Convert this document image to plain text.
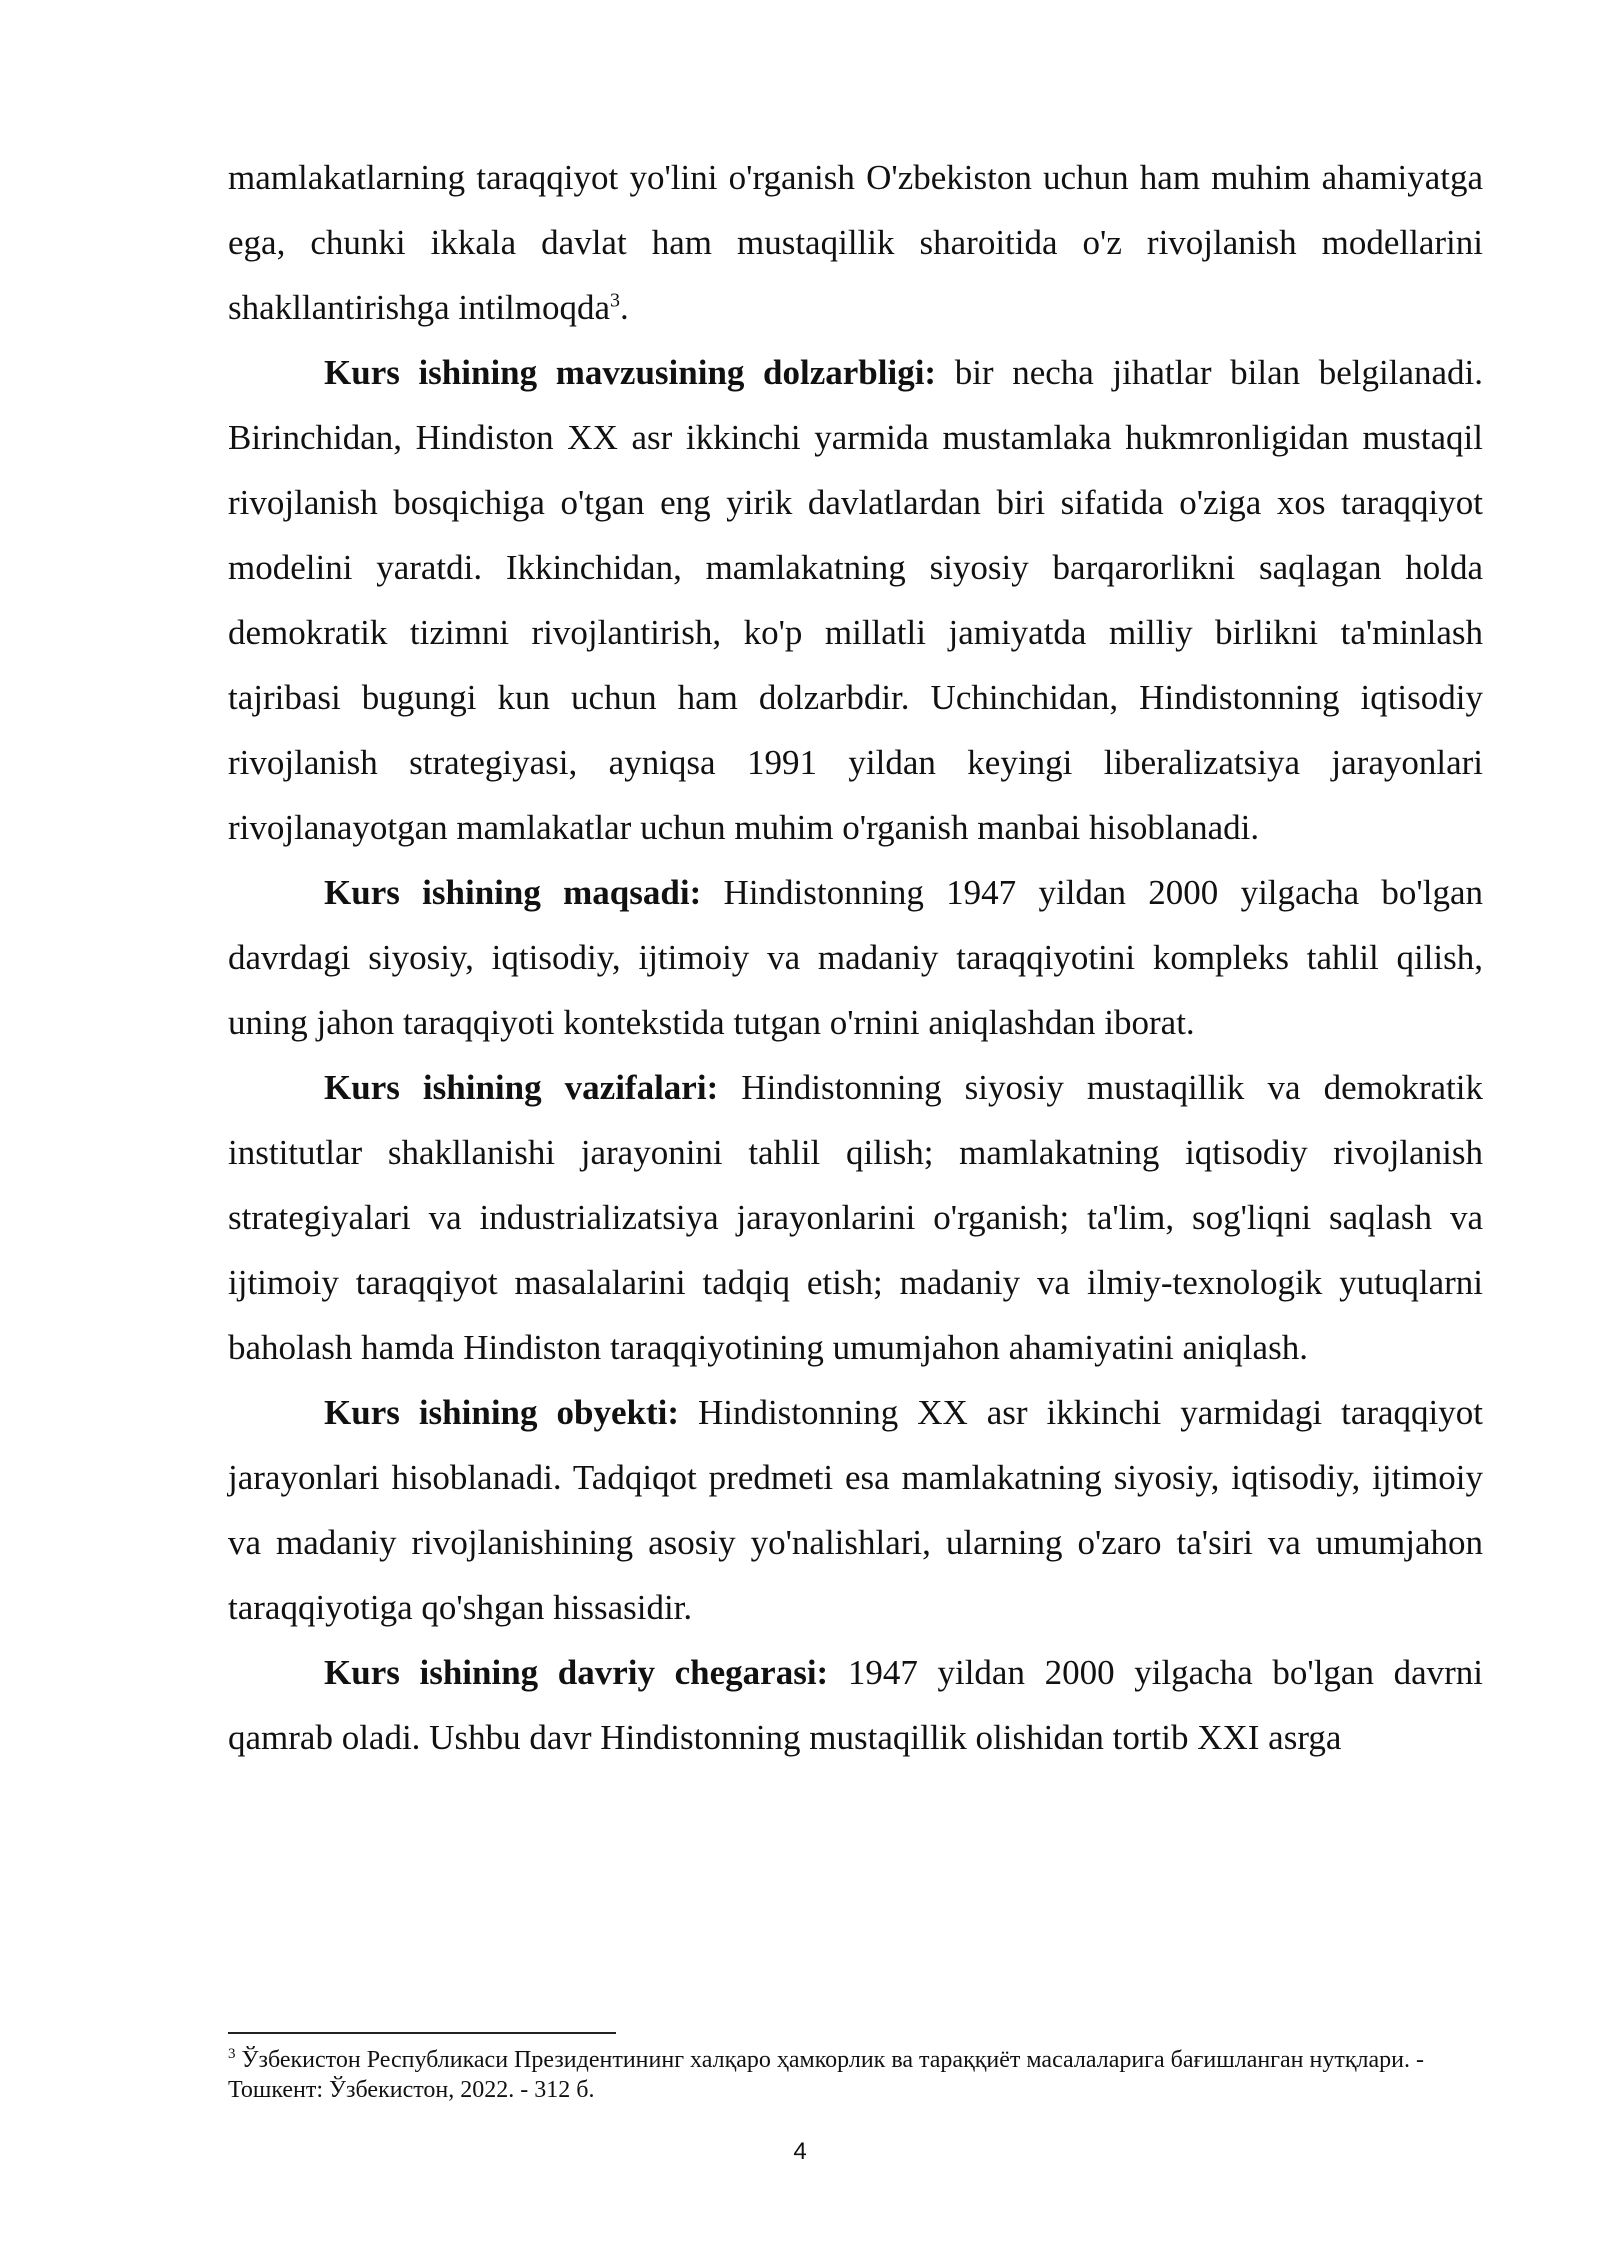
mamlakatlarning taraqqiyot yo'lini o'rganish O'zbekiston uchun ham muhim ahamiyatga ega, chunki ikkala davlat ham mustaqillik sharoitida o'z rivojlanish modellarini shakllantirishga intilmoqda$^3$.

Kurs ishining mavzusining dolzarbligi: bir necha jihatlar bilan belgilanadi. Birinchidan, Hindiston XX asr ikkinchi yarmida mustamlaka hukmronligidan mustaqil rivojlanish bosqichiga o'tgan eng yirik davlatlardan biri sifatida o'ziga xos taraqqiyot modelini yaratdi. Ikkinchidan, mamlakatning siyosiy barqarorlikni saqlagan holda demokratik tizimni rivojlantirish, ko'p millatli jamiyatda milliy birlikni ta'minlash tajribasi bugungi kun uchun ham dolzarbdir. Uchinchidan, Hindistonning iqtisodiy rivojlanish strategiyasi, ayniqsa 1991 yildan keyingi liberalizatsiya jarayonlari rivojlanayotgan mamlakatlar uchun muhim o'rganish manbai hisoblanadi.

Kurs ishining maqsadi: Hindistonning 1947 yildan 2000 yilgacha bo'lgan davrdagi siyosiy, iqtisodiy, ijtimoiy va madaniy taraqqiyotini kompleks tahlil qilish, uning jahon taraqqiyoti kontekstida tutgan o'rnini aniqlashdan iborat.

Kurs ishining vazifalari: Hindistonning siyosiy mustaqillik va demokratik institutlar shakllanishi jarayonini tahlil qilish; mamlakatning iqtisodiy rivojlanish strategiyalari va industrializatsiya jarayonlarini o'rganish; ta'lim, sog'liqni saqlash va ijtimoiy taraqqiyot masalalarini tadqiq etish; madaniy va ilmiy-texnologik yutuqlarni baholash hamda Hindiston taraqqiyotining umumjahon ahamiyatini aniqlash.

Kurs ishining obyekti: Hindistonning XX asr ikkinchi yarmidagi taraqqiyot jarayonlari hisoblanadi. Tadqiqot predmeti esa mamlakatning siyosiy, iqtisodiy, ijtimoiy va madaniy rivojlanishining asosiy yo'nalishlari, ularning o'zaro ta'siri va umumjahon taraqqiyotiga qo'shgan hissasidir.

Kurs ishining davriy chegarasi: 1947 yildan 2000 yilgacha bo'lgan davrni qamrab oladi. Ushbu davr Hindistonning mustaqillik olishidan tortib XXI asrga

$^3$ Ўзбекистон Республикаси Президентининг халқаро ҳамкорлик ва тараққиёт масалаларига бағишланган нутқлари. - Тошкент: Ўзбекистон, 2022. - 312 б.

4
